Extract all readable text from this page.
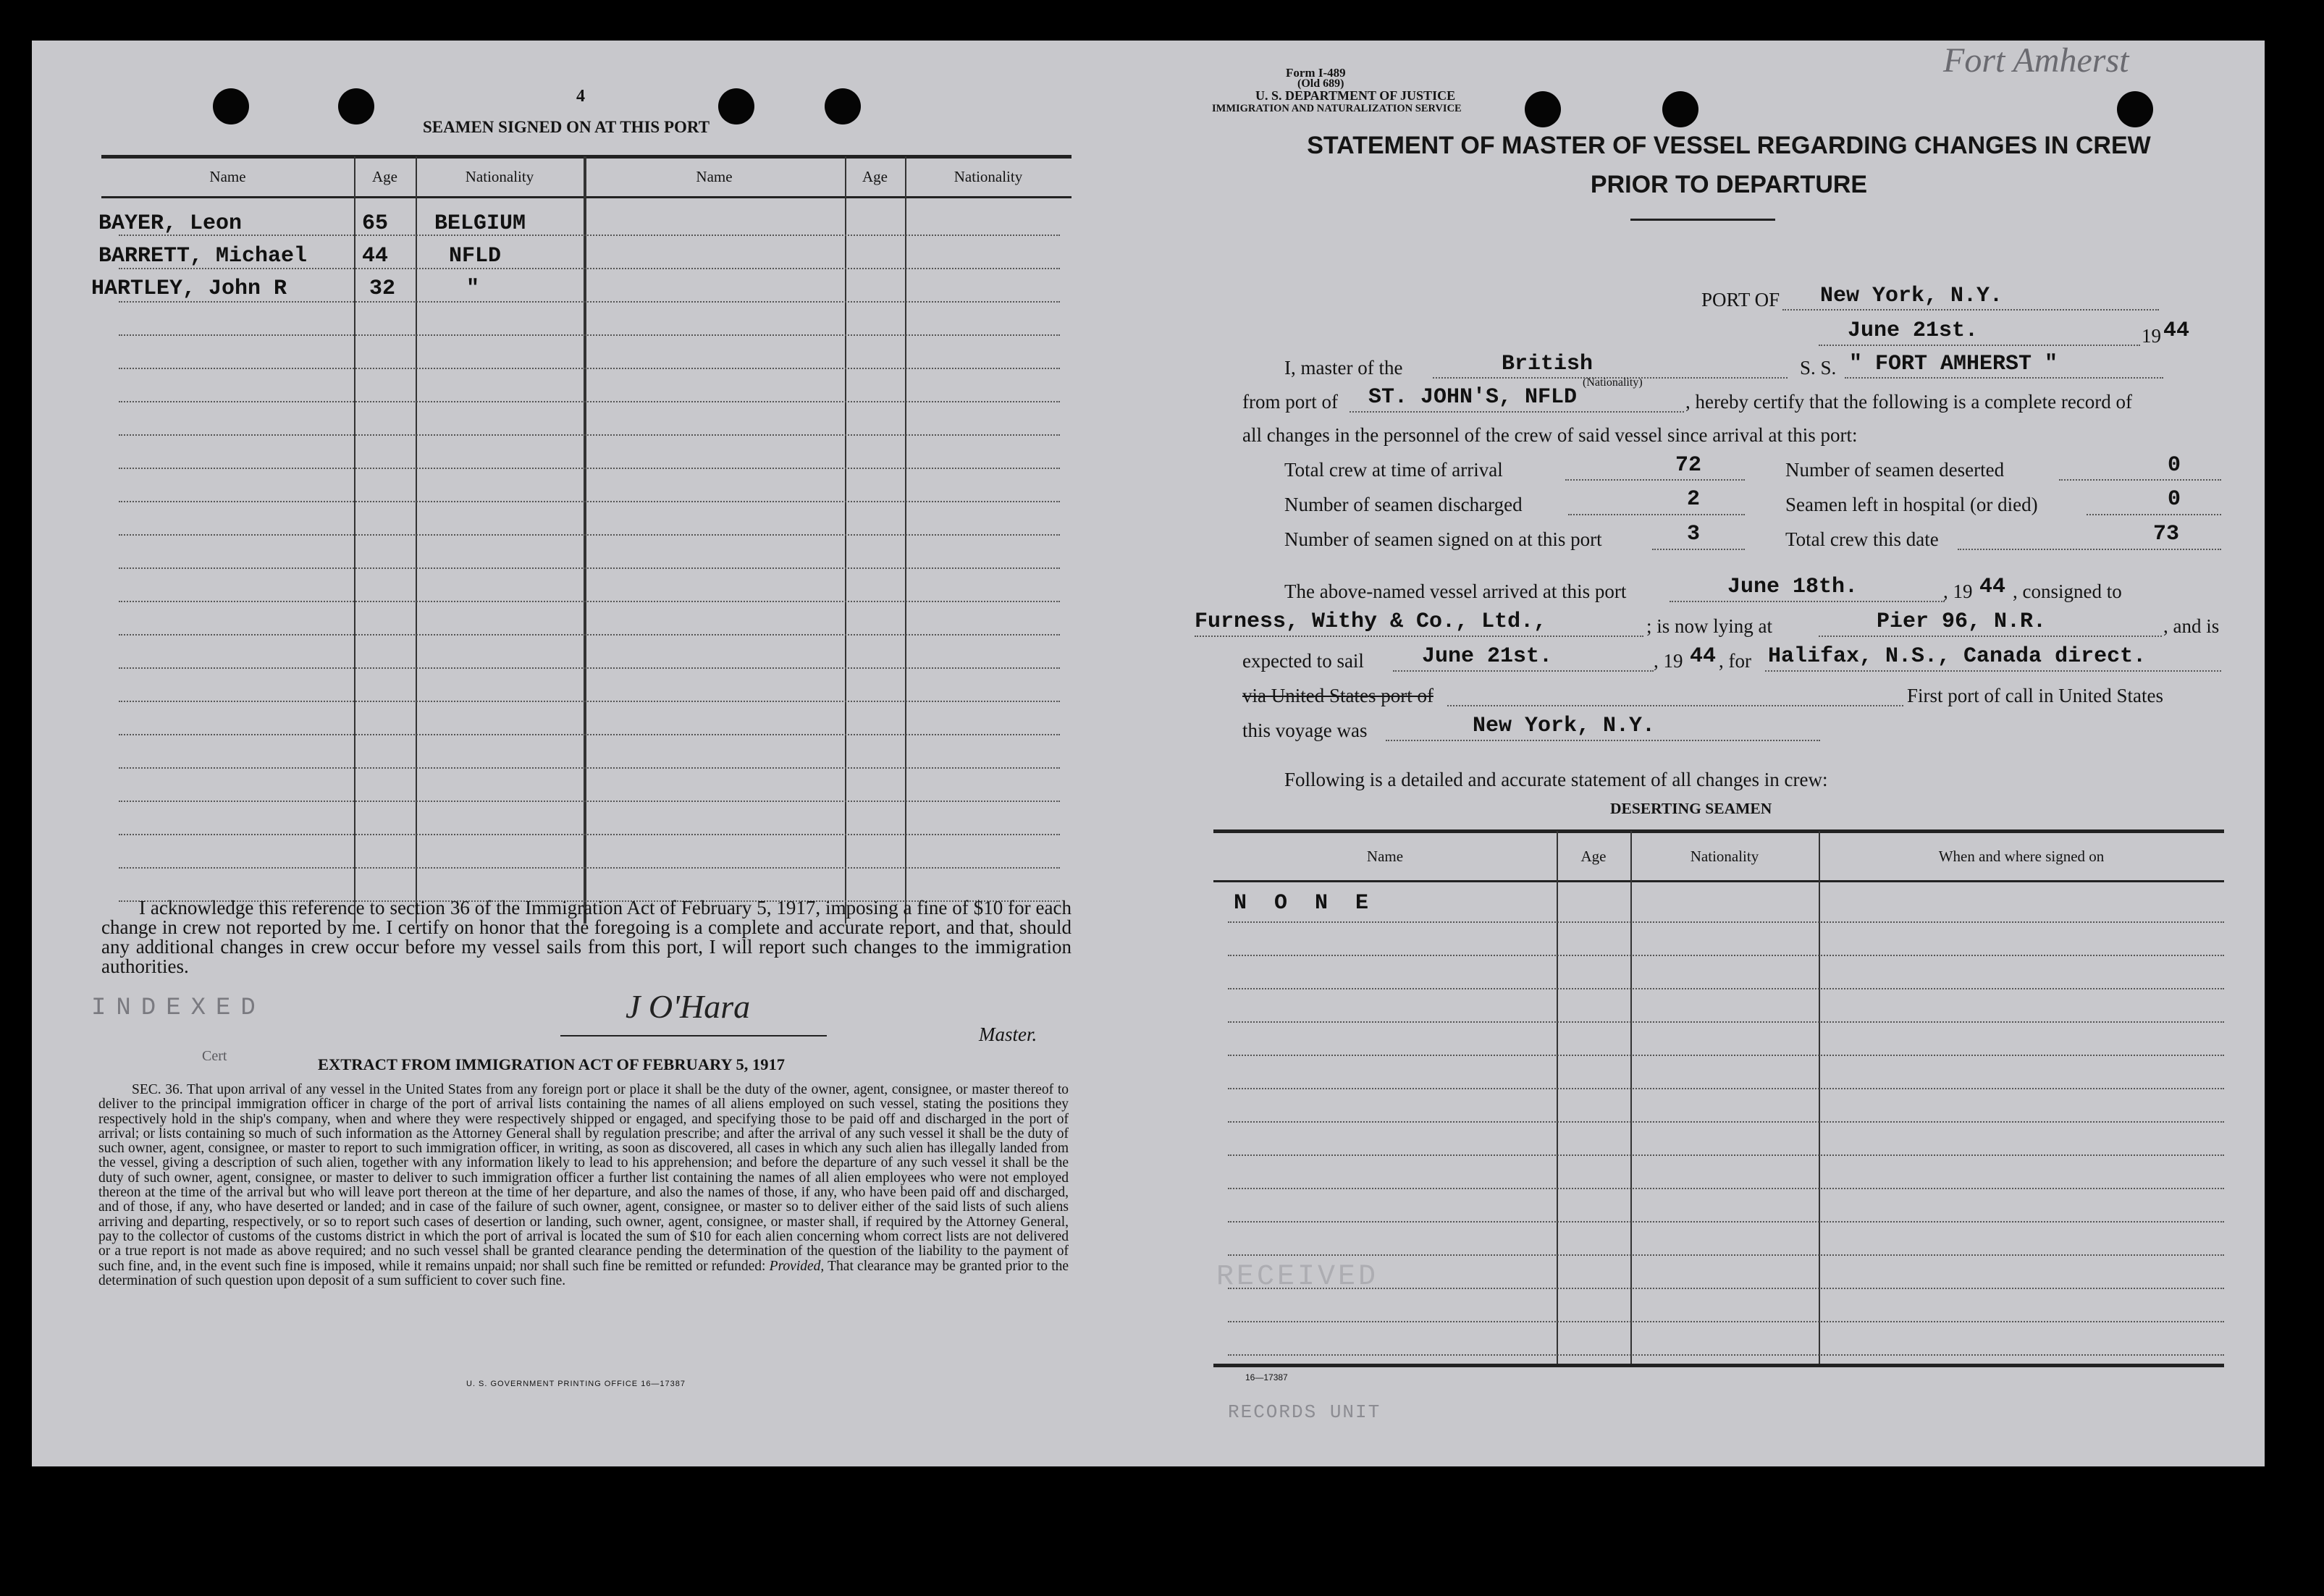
4
SEAMEN SIGNED ON AT THIS PORT
Name	Age	Nationality	Name	Age	Nationality
BAYER, Leon	65 BELGIUM
BARRETT, Michael	44	NFLD
HARTLEY, John R	32	"
I acknowledge this reference to section 36 of the Immigration Act of February 5, 1917, imposing a fine of $10 for each change in crew not reported by me. I certify on honor that the foregoing is a complete and accurate report, and that, should any additional changes in crew occur before my vessel sails from this port, I will report such changes to the immigration authorities.
INDEXED
Cert
J O'Hara
Master.
EXTRACT FROM IMMIGRATION ACT OF FEBRUARY 5, 1917
SEC. 36. That upon arrival of any vessel in the United States from any foreign port or place it shall be the duty of the owner, agent, consignee, or master thereof to deliver to the principal immigration officer in charge of the port of arrival lists containing the names of all aliens employed on such vessel, stating the positions they respectively hold in the ship's company, when and where they were respectively shipped or engaged, and specifying those to be paid off and discharged in the port of arrival; or lists containing so much of such information as the Attorney General shall by regulation prescribe; and after the arrival of any such vessel it shall be the duty of such owner, agent, consignee, or master to report to such immigration officer, in writing, as soon as discovered, all cases in which any such alien has illegally landed from the vessel, giving a description of such alien, together with any information likely to lead to his apprehension; and before the departure of any such vessel it shall be the duty of such owner, agent, consignee, or master to deliver to such immigration officer a further list containing the names of all alien employees who were not employed thereon at the time of the arrival but who will leave port thereon at the time of her departure, and also the names of those, if any, who have been paid off and discharged, and of those, if any, who have deserted or landed; and in case of the failure of such owner, agent, consignee, or master so to deliver either of the said lists of such aliens arriving and departing, respectively, or so to report such cases of desertion or landing, such owner, agent, consignee, or master shall, if required by the Attorney General, pay to the collector of customs of the customs district in which the port of arrival is located the sum of $10 for each alien concerning whom correct lists are not delivered or a true report is not made as above required; and no such vessel shall be granted clearance pending the determination of the question of the liability to the payment of such fine, and, in the event such fine is imposed, while it remains unpaid; nor shall such fine be remitted or refunded: Provided, That clearance may be granted prior to the determination of such question upon deposit of a sum sufficient to cover such fine.
U. S. GOVERNMENT PRINTING OFFICE 16—17387
Form I-489
(Old 689)
U. S. DEPARTMENT OF JUSTICE
IMMIGRATION AND NATURALIZATION SERVICE
Fort Amherst
STATEMENT OF MASTER OF VESSEL REGARDING CHANGES IN CREW
PRIOR TO DEPARTURE
PORT OF New York, N.Y.
June 21st.	19 44
I, master of the	British
(Nationality)
S. S. " FORT AMHERST "
from port of ST. JOHN'S, NFLD	, hereby certify that the following is a complete record of
all changes in the personnel of the crew of said vessel since arrival at this port:
Total crew at time of arrival	72	Number of seamen deserted	0
Number of seamen discharged	2	Seamen left in hospital (or died)	0
Number of seamen signed on at this port	3	Total crew this date	73
The above-named vessel arrived at this port	June 18th.	, 19 44 , consigned to
Furness, Withy & Co., Ltd.,	; is now lying at	Pier 96, N.R.	, and is
expected to sail	June 21st.	, 19 44 , for Halifax, N.S., Canada direct.
via United States port of	First port of call in United States
this voyage was	New York, N.Y.
Following is a detailed and accurate statement of all changes in crew:
DESERTING SEAMEN
Name	Age	Nationality	When and where signed on
N O N E
RECEIVED
16—17387
RECORDS UNIT
